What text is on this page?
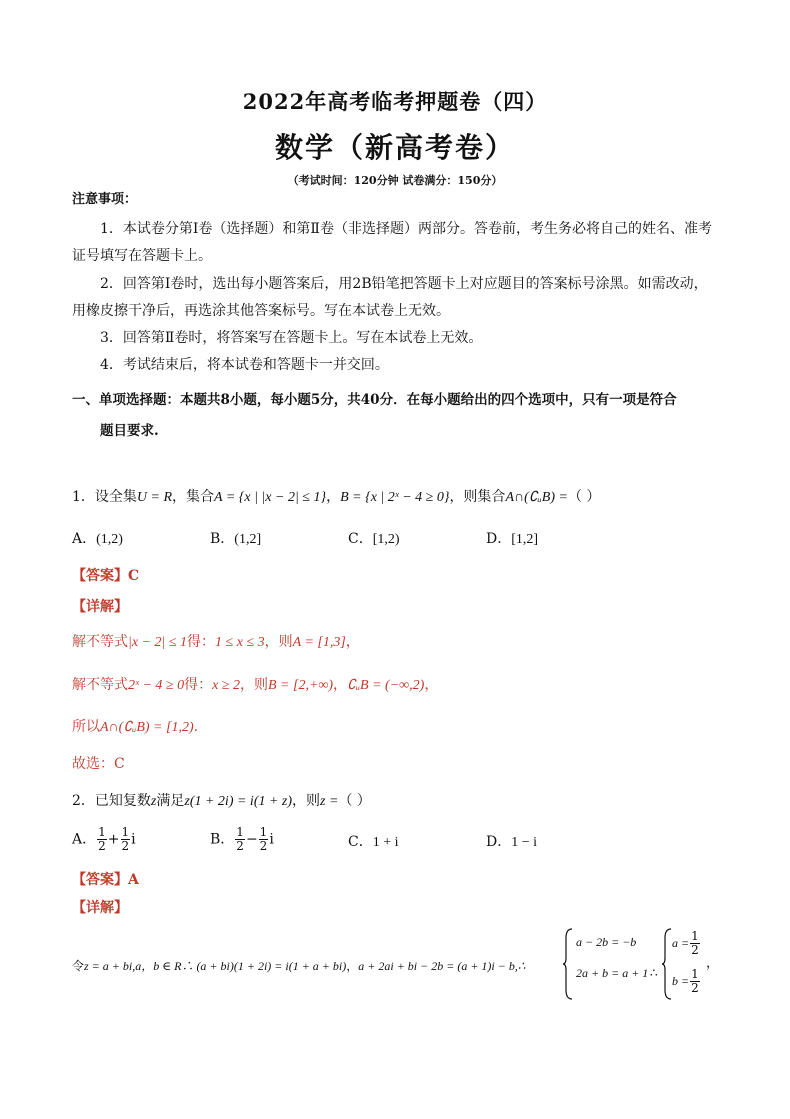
2022年高考临考押题卷（四）
数学（新高考卷）
（考试时间：120分钟 试卷满分：150分）
注意事项：
1．本试卷分第Ⅰ卷（选择题）和第Ⅱ卷（非选择题）两部分。答卷前，考生务必将自己的姓名、准考
证号填写在答题卡上。
2．回答第Ⅰ卷时，选出每小题答案后，用2B铅笔把答题卡上对应题目的答案标号涂黑。如需改动，
用橡皮擦干净后，再选涂其他答案标号。写在本试卷上无效。
3．回答第Ⅱ卷时，将答案写在答题卡上。写在本试卷上无效。
4．考试结束后，将本试卷和答题卡一并交回。
一、单项选择题：本题共8小题，每小题5分，共40分．在每小题给出的四个选项中，只有一项是符合
题目要求.
1．设全集U = R，集合A = {x | |x − 2| ≤ 1}，B = {x | 2ˣ − 4 ≥ 0}，则集合A∩(∁ᵤB) =（ ）
A．(1,2)	B．(1,2]	C．[1,2)	D．[1,2]
【答案】C
【详解】
解不等式|x − 2| ≤ 1得：1 ≤ x ≤ 3，则A = [1,3]，
解不等式2ˣ − 4 ≥ 0得：x ≥ 2，则B = [2,+∞)，∁ᵤB = (−∞,2)，
所以A∩(∁ᵤB) = [1,2).
故选：C
2．已知复数z满足z(1 + 2i) = i(1 + z)，则z =（ ）
A． $\frac{1}{2} + \frac{1}{2}$ i	B． $\frac{1}{2} - \frac{1}{2}$ i	C．1 + i	D．1 − i
【答案】A
【详解】
令z = a + bi,a，b ∈ R∴ (a + bi)(1 + 2i) = i(1 + a + bi)，a + 2ai + bi − 2b = (a + 1)i − b,∴
a − 2b = −b
2a + b = a + 1 ∴
$a = \frac{1}{2}$
$b = \frac{1}{2}$
，
